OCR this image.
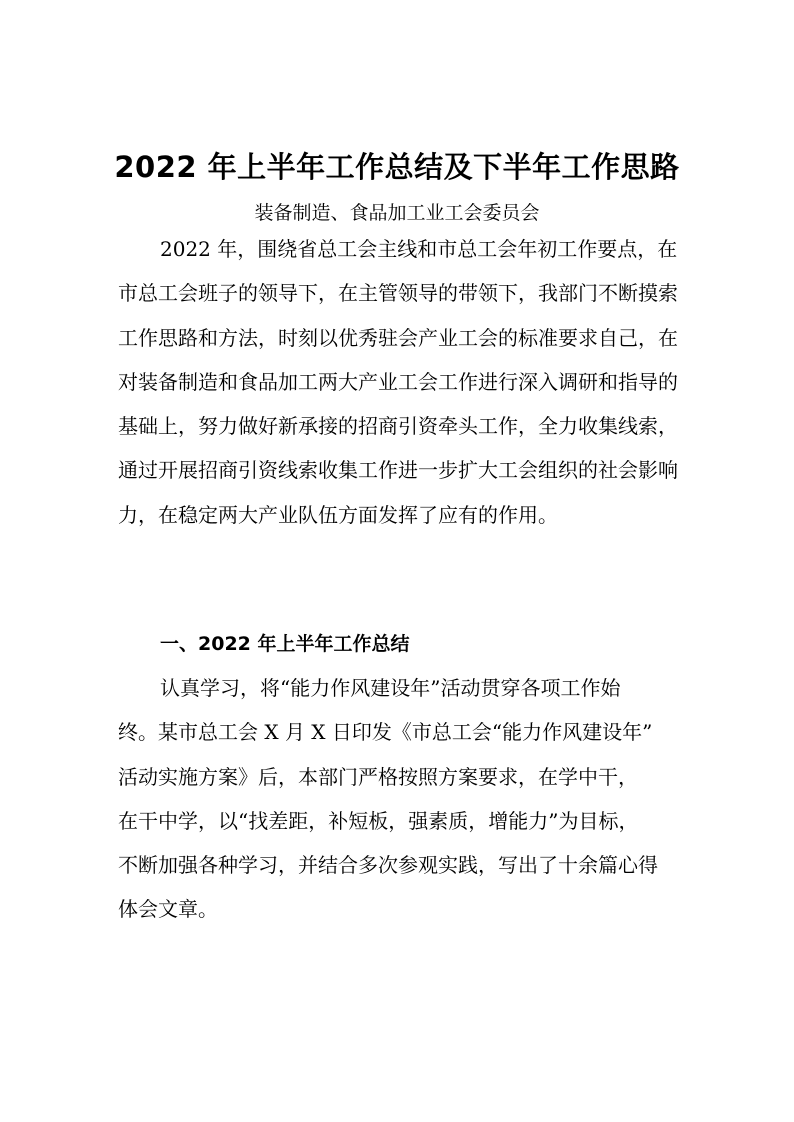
2022 年上半年工作总结及下半年工作思路
装备制造、食品加工业工会委员会

2022 年，围绕省总工会主线和市总工会年初工作要点，在市总工会班子的领导下，在主管领导的带领下，我部门不断摸索工作思路和方法，时刻以优秀驻会产业工会的标准要求自己，在对装备制造和食品加工两大产业工会工作进行深入调研和指导的基础上，努力做好新承接的招商引资牵头工作，全力收集线索，通过开展招商引资线索收集工作进一步扩大工会组织的社会影响力，在稳定两大产业队伍方面发挥了应有的作用。

一、2022 年上半年工作总结
认真学习，将“能力作风建设年”活动贯穿各项工作始
终。某市总工会 X 月 X 日印发《市总工会“能力作风建设年”
活动实施方案》后，本部门严格按照方案要求，在学中干，
在干中学，以“找差距，补短板，强素质，增能力”为目标，
不断加强各种学习，并结合多次参观实践，写出了十余篇心得
体会文章。
